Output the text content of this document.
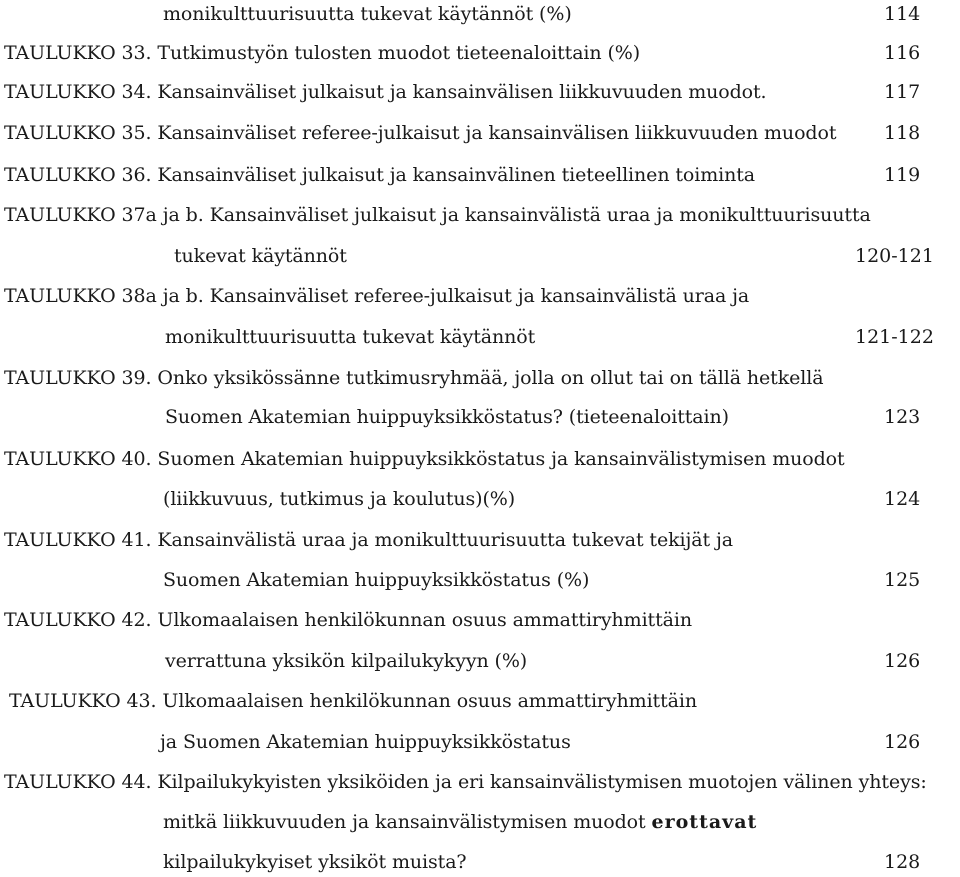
monikulttuurisuutta tukevat käytännöt (%)	114
TAULUKKO 33. Tutkimustyön tulosten muodot tieteenaloittain (%)	116
TAULUKKO 34. Kansainväliset julkaisut ja kansainvälisen liikkuvuuden muodot.	117
TAULUKKO 35. Kansainväliset referee-julkaisut ja kansainvälisen liikkuvuuden muodot	118
TAULUKKO 36. Kansainväliset julkaisut ja kansainvälinen tieteellinen toiminta	119
TAULUKKO 37a ja b. Kansainväliset julkaisut ja kansainvälistä uraa ja monikulttuurisuutta
tukevat käytännöt	120-121
TAULUKKO 38a ja b. Kansainväliset referee-julkaisut ja kansainvälistä uraa ja
monikulttuurisuutta tukevat käytännöt	121-122
TAULUKKO 39. Onko yksikössänne tutkimusryhmää, jolla on ollut tai on tällä hetkellä
Suomen Akatemian huippuyksikköstatus? (tieteenaloittain)	123
TAULUKKO 40. Suomen Akatemian huippuyksikköstatus ja kansainvälistymisen muodot
(liikkuvuus, tutkimus ja koulutus)(%)	124
TAULUKKO 41. Kansainvälistä uraa ja monikulttuurisuutta tukevat tekijät ja
Suomen Akatemian huippuyksikköstatus (%)	125
TAULUKKO 42. Ulkomaalaisen henkilökunnan osuus ammattiryhmittäin
verrattuna yksikön kilpailukykyyn (%)	126
TAULUKKO 43. Ulkomaalaisen henkilökunnan osuus ammattiryhmittäin
ja Suomen Akatemian huippuyksikköstatus	126
TAULUKKO 44. Kilpailukykyisten yksiköiden ja eri kansainvälistymisen muotojen välinen yhteys:
mitkä liikkuvuuden ja kansainvälistymisen muodot erottavat
kilpailukykyiset yksiköt muista?	128
